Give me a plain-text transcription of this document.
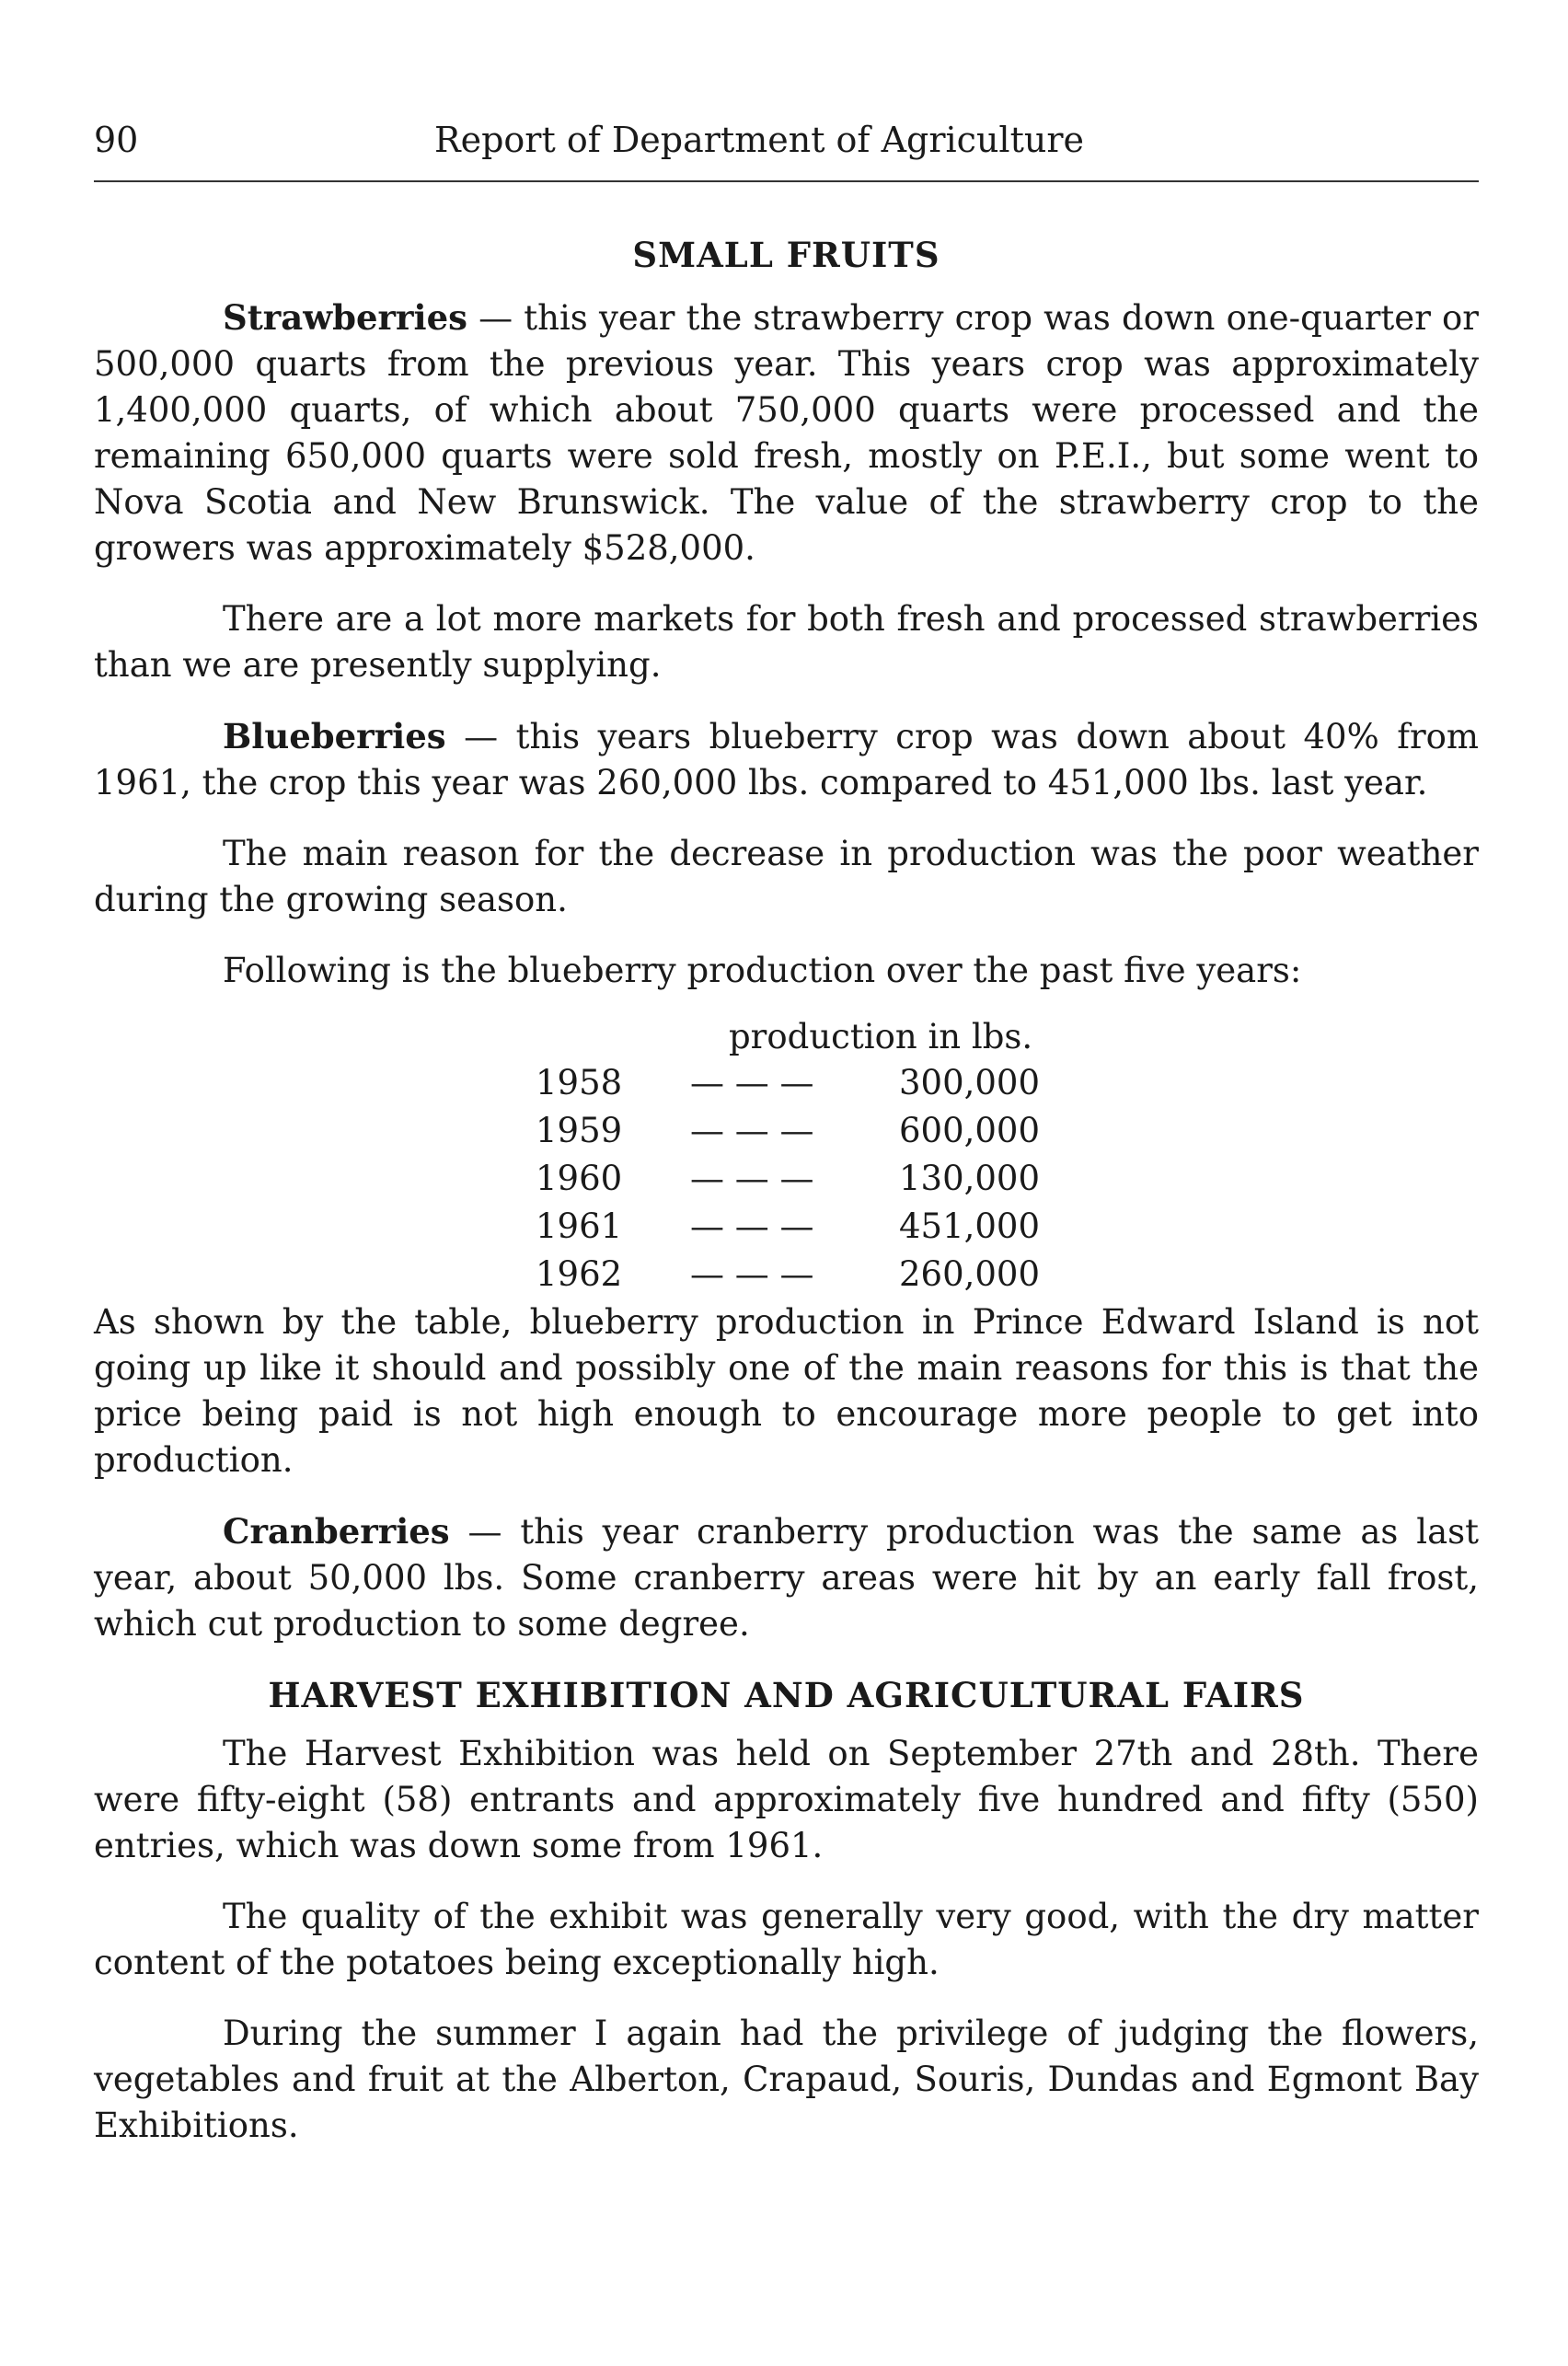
90	Report of Department of Agriculture
SMALL FRUITS

Strawberries — this year the strawberry crop was down one-quarter or 500,000 quarts from the previous year. This years crop was approximately 1,400,000 quarts, of which about 750,000 quarts were processed and the remaining 650,000 quarts were sold fresh, mostly on P.E.I., but some went to Nova Scotia and New Brunswick. The value of the strawberry crop to the growers was approximately $528,000.

There are a lot more markets for both fresh and processed strawberries than we are presently supplying.

Blueberries — this years blueberry crop was down about 40% from 1961, the crop this year was 260,000 lbs. compared to 451,000 lbs. last year.

The main reason for the decrease in production was the poor weather during the growing season.

Following is the blueberry production over the past five years:

production in lbs.
1958 — — — 300,000
1959 — — — 600,000
1960 — — — 130,000
1961 — — — 451,000
1962 — — — 260,000

As shown by the table, blueberry production in Prince Edward Island is not going up like it should and possibly one of the main reasons for this is that the price being paid is not high enough to encourage more people to get into production.

Cranberries — this year cranberry production was the same as last year, about 50,000 lbs. Some cranberry areas were hit by an early fall frost, which cut production to some degree.

HARVEST EXHIBITION AND AGRICULTURAL FAIRS

The Harvest Exhibition was held on September 27th and 28th. There were fifty-eight (58) entrants and approximately five hundred and fifty (550) entries, which was down some from 1961.

The quality of the exhibit was generally very good, with the dry matter content of the potatoes being exceptionally high.

During the summer I again had the privilege of judging the flowers, vegetables and fruit at the Alberton, Crapaud, Souris, Dundas and Egmont Bay Exhibitions.
